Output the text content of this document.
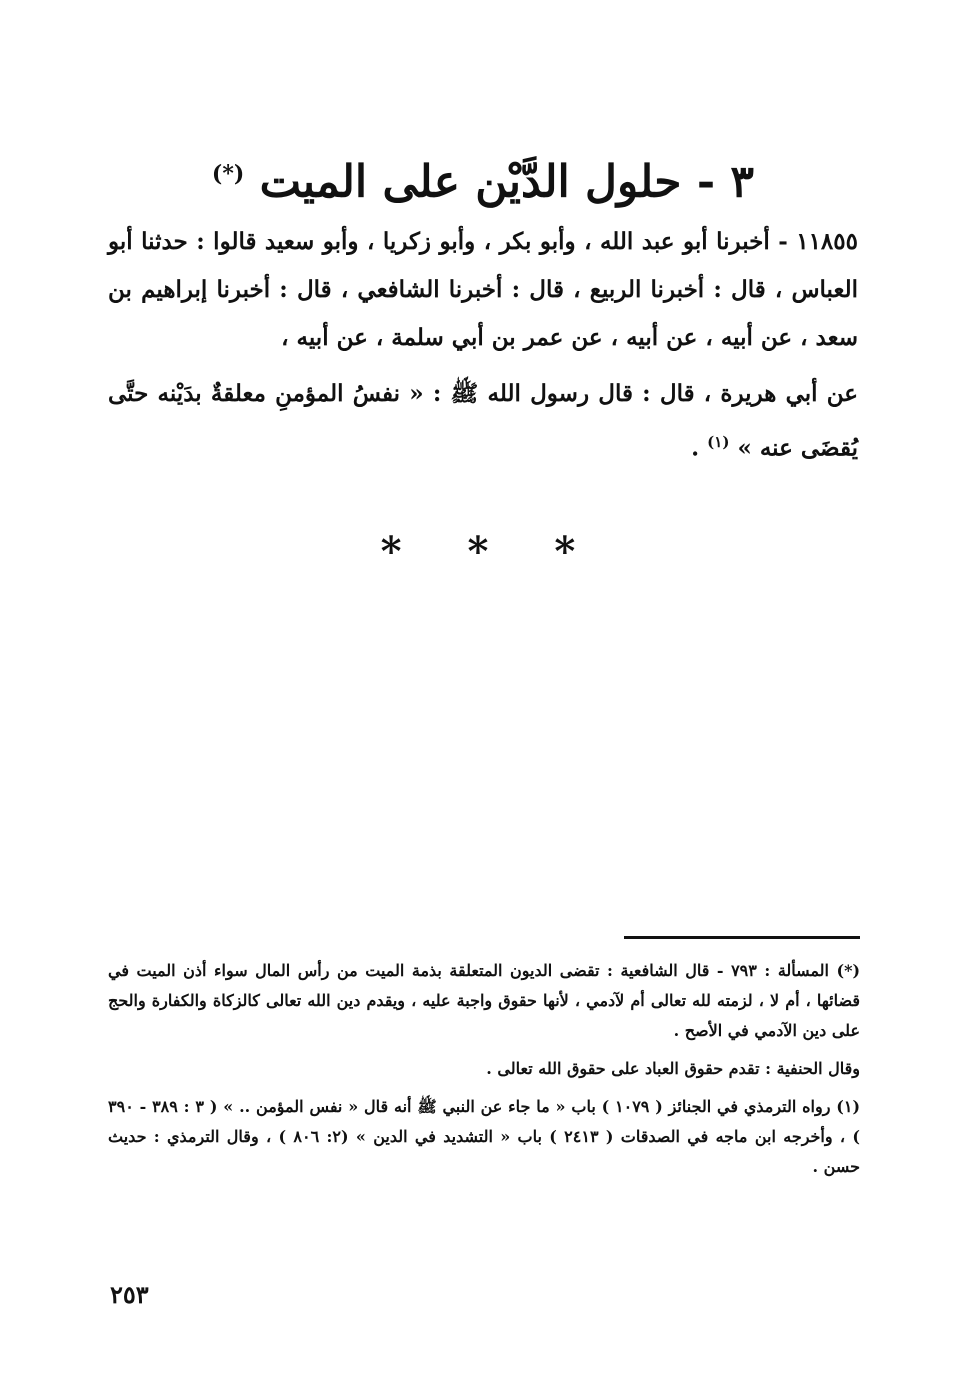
٣ - حلول الدَّيْن على الميت (*)

١١٨٥٥ - أخبرنا أبو عبد الله ، وأبو بكر ، وأبو زكريا ، وأبو سعيد قالوا : حدثنا أبو العباس ، قال : أخبرنا الربيع ، قال : أخبرنا الشافعي ، قال : أخبرنا إبراهيم بن سعد ، عن أبيه ، عن أبيه ، عن عمر بن أبي سلمة ، عن أبيه ،

عن أبي هريرة ، قال : قال رسول الله ﷺ : « نفسُ المؤمنِ معلقةٌ بدَيْنه حتَّى يُقضَى عنه » $^{(١)}$ .

* * *

(*) المسألة : ٧٩٣ - قال الشافعية : تقضى الديون المتعلقة بذمة الميت من رأس المال سواء أذن الميت في قضائها ، أم لا ، لزمته لله تعالى أم لآدمي ، لأنها حقوق واجبة عليه ، ويقدم دين الله تعالى كالزكاة والكفارة والحج على دين الآدمي في الأصح .

وقال الحنفية : تقدم حقوق العباد على حقوق الله تعالى .

(١) رواه الترمذي في الجنائز ( ١٠٧٩ ) باب « ما جاء عن النبي ﷺ أنه قال « نفس المؤمن .. » ( ٣ : ٣٨٩ - ٣٩٠ ) ، وأخرجه ابن ماجه في الصدقات ( ٢٤١٣ ) باب « التشديد في الدين » (٢: ٨٠٦ ) ، وقال الترمذي : حديث حسن .

٢٥٣
